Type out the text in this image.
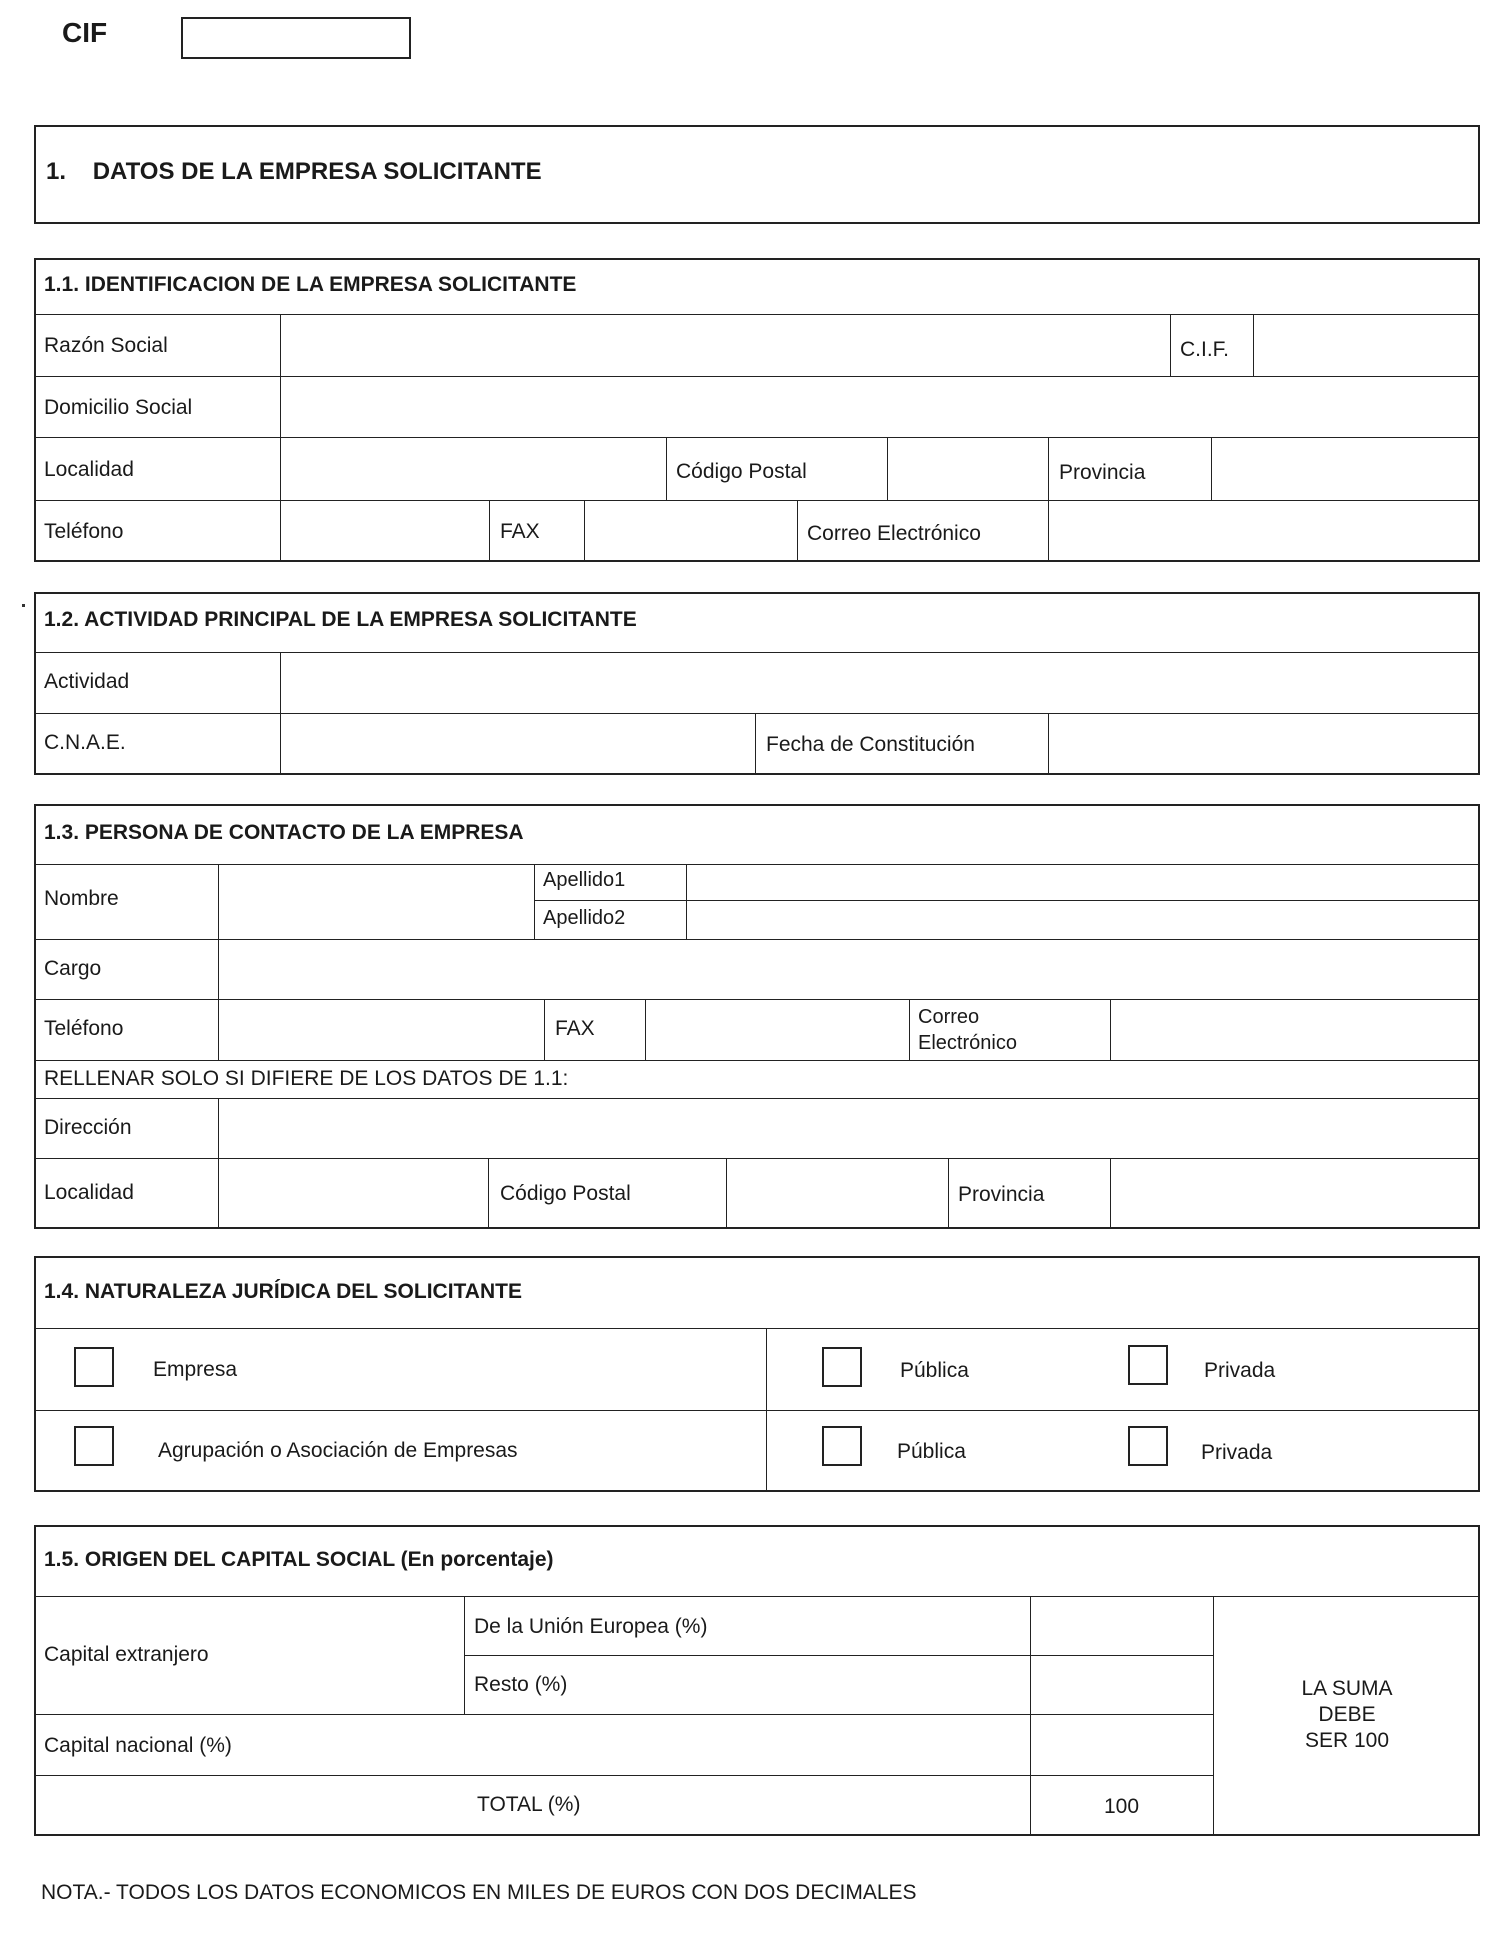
CIF
1.    DATOS DE LA EMPRESA SOLICITANTE
1.1. IDENTIFICACION DE LA EMPRESA SOLICITANTE
Razón Social	C.I.F.
Domicilio Social
Localidad	Código Postal	Provincia
Teléfono	FAX	Correo Electrónico
1.2. ACTIVIDAD PRINCIPAL DE LA EMPRESA SOLICITANTE
Actividad
C.N.A.E.	Fecha de Constitución
1.3. PERSONA DE CONTACTO DE LA EMPRESA
Nombre
Apellido1
Apellido2
Cargo
Teléfono	FAX	Correo
Electrónico
RELLENAR SOLO SI DIFIERE DE LOS DATOS DE 1.1:
Dirección
Localidad	Código Postal	Provincia
1.4. NATURALEZA JURÍDICA DEL SOLICITANTE
Empresa	Pública	Privada
Agrupación o Asociación de Empresas	Pública	Privada
1.5. ORIGEN DEL CAPITAL SOCIAL (En porcentaje)
Capital extranjero
De la Unión Europea (%)
Resto (%)
Capital nacional (%)
TOTAL (%)	100
LA SUMA
DEBE
SER 100
NOTA.- TODOS LOS DATOS ECONOMICOS EN MILES DE EUROS CON DOS DECIMALES
